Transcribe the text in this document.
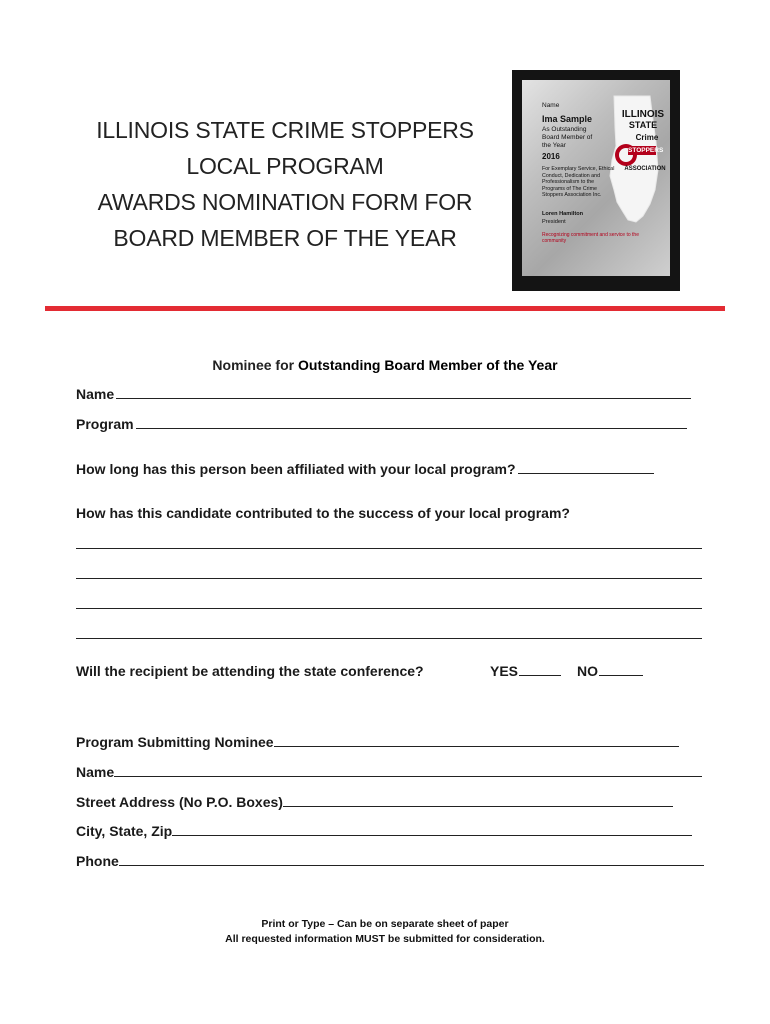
ILLINOIS STATE CRIME STOPPERS
LOCAL PROGRAM
AWARDS NOMINATION FORM FOR
BOARD MEMBER OF THE YEAR
Name
Ima Sample
As Outstanding Board Member of the Year
2016
For Exemplary Service, Ethical Conduct, Dedication and Professionalism to the Programs of The Crime Stoppers Association Inc.
Loren Hamilton
President
Recognizing commitment and service to the community
ILLINOIS
STATE
Crime
STOPPERS
ASSOCIATION
Nominee for Outstanding Board Member of the Year
Name
Program
How long has this person been affiliated with your local program?
How has this candidate contributed to the success of your local program?
Will the recipient be attending the state conference?	YES	NO
Program Submitting Nominee
Name
Street Address (No P.O. Boxes)
City, State, Zip
Phone
Print or Type – Can be on separate sheet of paper
All requested information MUST be submitted for consideration.
